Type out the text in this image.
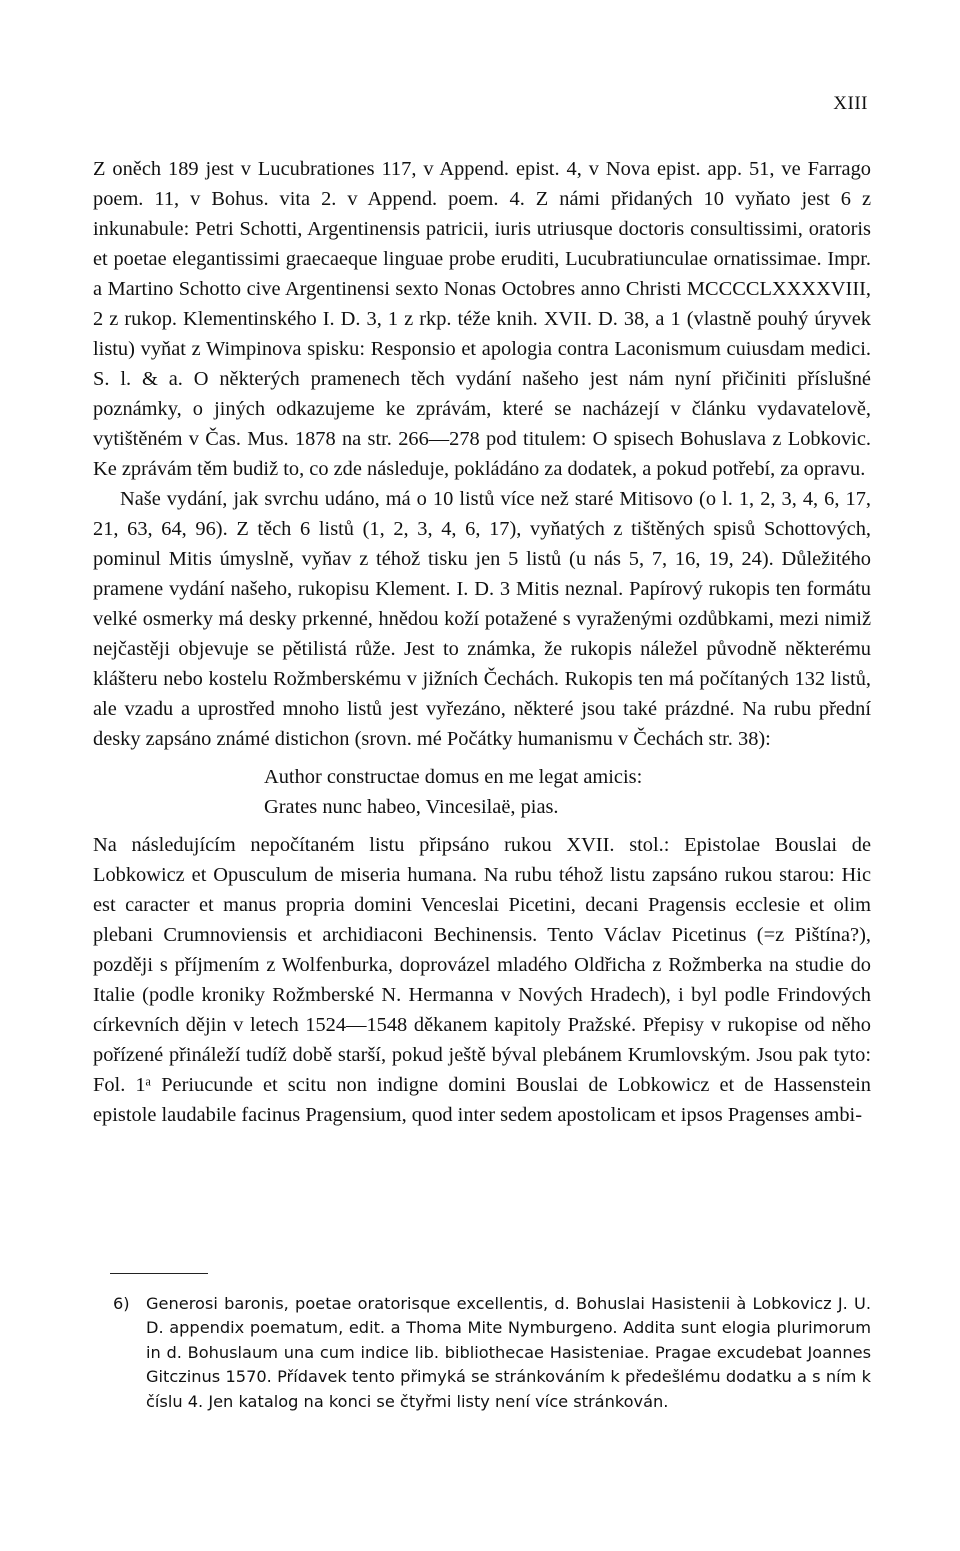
XIII

Z oněch 189 jest v Lucubrationes 117, v Append. epist. 4, v Nova epist. app. 51, ve Farrago poem. 11, v Bohus. vita 2. v Append. poem. 4. Z námi přidaných 10 vyňato jest 6 z inkunabule: Petri Schotti, Argentinensis patricii, iuris utriusque doctoris consultissimi, oratoris et poetae elegantissimi graecaeque linguae probe eruditi, Lucubratiunculae ornatissimae. Impr. a Martino Schotto cive Argentinensi sexto Nonas Octobres anno Christi MCCCCLXXXXVIII, 2 z rukop. Klementinského I. D. 3, 1 z rkp. téže knih. XVII. D. 38, a 1 (vlastně pouhý úryvek listu) vyňat z Wimpinova spisku: Responsio et apologia contra Laconismum cuiusdam medici. S. l. & a. O některých pramenech těch vydání našeho jest nám nyní přičiniti příslušné poznámky, o jiných odkazujeme ke zprávám, které se nacházejí v článku vydavatelově, vytištěném v Čas. Mus. 1878 na str. 266—278 pod titulem: O spisech Bohuslava z Lobkovic. Ke zprávám těm budiž to, co zde následuje, pokládáno za dodatek, a pokud potřebí, za opravu.

Naše vydání, jak svrchu udáno, má o 10 listů více než staré Mitisovo (o l. 1, 2, 3, 4, 6, 17, 21, 63, 64, 96). Z těch 6 listů (1, 2, 3, 4, 6, 17), vyňatých z tištěných spisů Schottových, pominul Mitis úmyslně, vyňav z téhož tisku jen 5 listů (u nás 5, 7, 16, 19, 24). Důležitého pramene vydání našeho, rukopisu Klement. I. D. 3 Mitis neznal. Papírový rukopis ten formátu velké osmerky má desky prkenné, hnědou koží potažené s vyraženými ozdůbkami, mezi nimiž nejčastěji objevuje se pětilistá růže. Jest to známka, že rukopis náležel původně některému klášteru nebo kostelu Rožmberskému v jižních Čechách. Rukopis ten má počítaných 132 listů, ale vzadu a uprostřed mnoho listů jest vyřezáno, některé jsou také prázdné. Na rubu přední desky zapsáno známé distichon (srovn. mé Počátky humanismu v Čechách str. 38):

Author constructae domus en me legat amicis:
Grates nunc habeo, Vincesilaë, pias.

Na následujícím nepočítaném listu připsáno rukou XVII. stol.: Epistolae Bouslai de Lobkowicz et Opusculum de miseria humana. Na rubu téhož listu zapsáno rukou starou: Hic est caracter et manus propria domini Venceslai Picetini, decani Pragensis ecclesie et olim plebani Crumnoviensis et archidiaconi Bechinensis. Tento Václav Picetinus (=z Pištína?), později s příjmením z Wolfenburka, doprovázel mladého Oldřicha z Rožmberka na studie do Italie (podle kroniky Rožmberské N. Hermanna v Nových Hradech), i byl podle Frindových církevních dějin v letech 1524—1548 děkanem kapitoly Pražské. Přepisy v rukopise od něho pořízené přináleží tudíž době starší, pokud ještě býval plebánem Krumlovským. Jsou pak tyto: Fol. 1ᵃ Periucunde et scitu non indigne domini Bouslai de Lobkowicz et de Hassenstein epistole laudabile facinus Pragensium, quod inter sedem apostolicam et ipsos Pragenses ambi-

6) Generosi baronis, poetae oratorisque excellentis, d. Bohuslai Hasistenii à Lobkovicz J. U. D. appendix poematum, edit. a Thoma Mite Nymburgeno. Addita sunt elogia plurimorum in d. Bohuslaum una cum indice lib. bibliothecae Hasisteniae. Pragae excudebat Joannes Gitczinus 1570. Přídavek tento přimyká se stránkováním k předešlému dodatku a s ním k číslu 4. Jen katalog na konci se čtyřmi listy není více stránkován.
